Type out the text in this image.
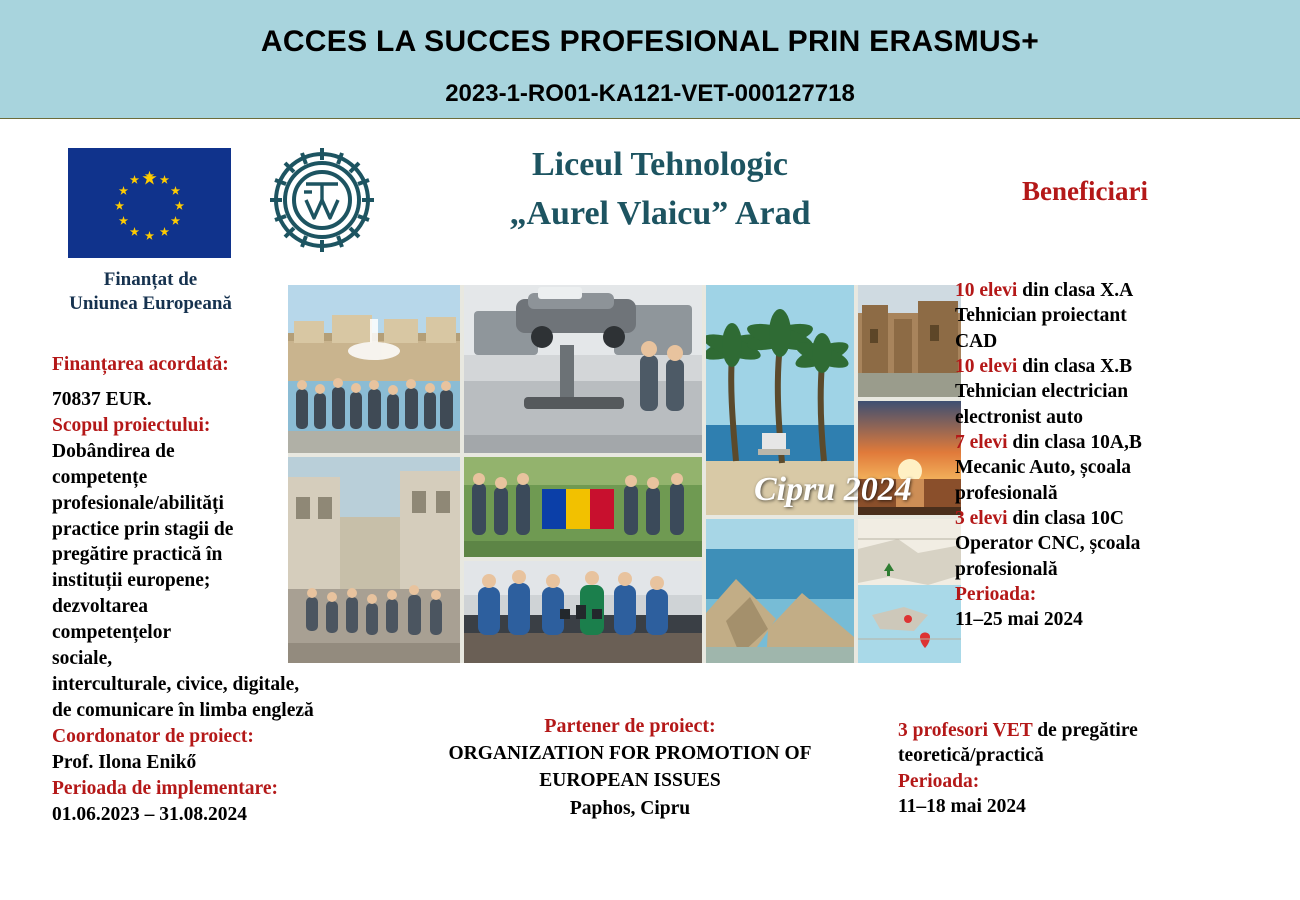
ACCES LA SUCCES PROFESIONAL PRIN ERASMUS+
2023-1-RO01-KA121-VET-000127718
Finanțat de
Uniunea Europeană
Liceul Tehnologic
„Aurel Vlaicu” Arad
Beneficiari

Finanțarea acordată:

70837 EUR.

Scopul proiectului:

Dobândirea de

competențe

profesionale/abilități

practice prin stagii de

pregătire practică în

instituții europene;

dezvoltarea

competențelor

sociale,

interculturale, civice, digitale,

de comunicare în limba engleză

Coordonator de proiect:

Prof. Ilona Enikő

Perioada de implementare:

01.06.2023 – 31.08.2024

Cipru 2024

10 elevi din clasa X.A

Tehnician proiectant

CAD

10 elevi din clasa X.B

Tehnician electrician

electronist auto

7 elevi din clasa 10A,B

Mecanic Auto, școala

profesională

3 elevi din clasa 10C

Operator CNC, școala

profesională

Perioada:

11–25 mai 2024

Partener de proiect:
ORGANIZATION FOR PROMOTION OF
EUROPEAN ISSUES
Paphos, Cipru

3 profesori VET de pregătire

teoretică/practică

Perioada:

11–18 mai 2024
